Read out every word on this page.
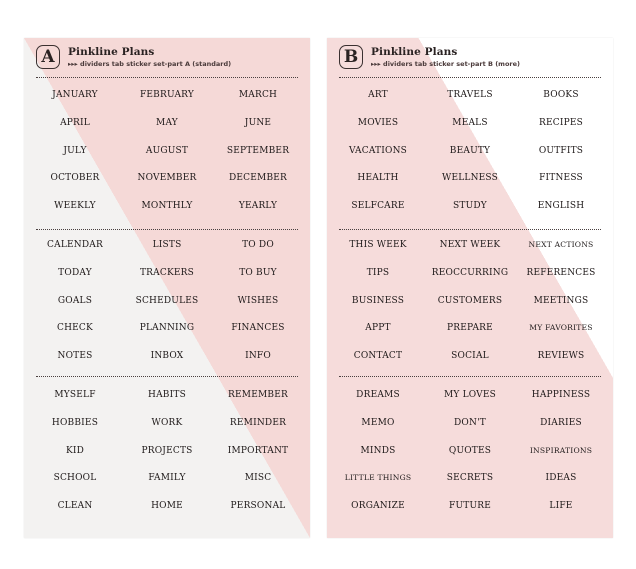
A	Pinkline Plans
▸▸▸ dividers tab sticker set-part A (standard)
JANUARY	FEBRUARY	MARCH
APRIL	MAY	JUNE
JULY	AUGUST	SEPTEMBER
OCTOBER	NOVEMBER	DECEMBER
WEEKLY	MONTHLY	YEARLY
CALENDAR	LISTS	TO DO
TODAY	TRACKERS	TO BUY
GOALS	SCHEDULES	WISHES
CHECK	PLANNING	FINANCES
NOTES	INBOX	INFO
MYSELF	HABITS	REMEMBER
HOBBIES	WORK	REMINDER
KID	PROJECTS	IMPORTANT
SCHOOL	FAMILY	MISC
CLEAN	HOME	PERSONAL
B	Pinkline Plans
▸▸▸ dividers tab sticker set-part B (more)
ART	TRAVELS	BOOKS
MOVIES	MEALS	RECIPES
VACATIONS	BEAUTY	OUTFITS
HEALTH	WELLNESS	FITNESS
SELFCARE	STUDY	ENGLISH
THIS WEEK	NEXT WEEK	NEXT ACTIONS
TIPS	REOCCURRING	REFERENCES
BUSINESS	CUSTOMERS	MEETINGS
APPT	PREPARE	MY FAVORITES
CONTACT	SOCIAL	REVIEWS
DREAMS	MY LOVES	HAPPINESS
MEMO	DON'T	DIARIES
MINDS	QUOTES	INSPIRATIONS
LITTLE THINGS	SECRETS	IDEAS
ORGANIZE	FUTURE	LIFE
